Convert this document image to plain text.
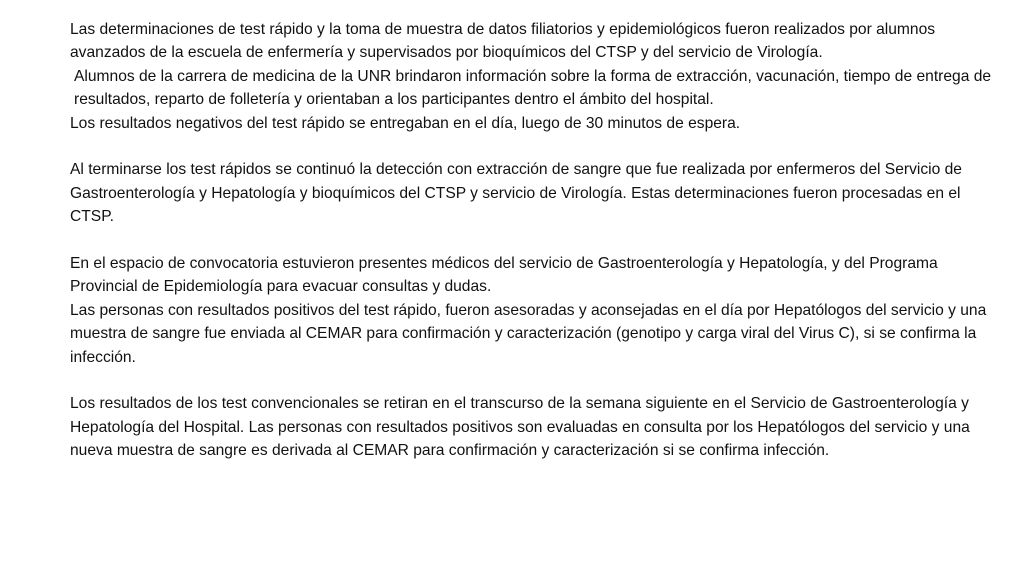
Las determinaciones de test rápido y la toma de muestra de datos filiatorios y epidemiológicos fueron realizados por alumnos avanzados de la escuela de enfermería y supervisados por bioquímicos del CTSP y del servicio de Virología.

Alumnos de la carrera de medicina de la UNR brindaron información sobre la forma de extracción, vacunación, tiempo de entrega de resultados, reparto de folletería y orientaban a los participantes dentro el ámbito del hospital.

Los resultados negativos del test rápido se entregaban en el día, luego de 30 minutos de espera.

Al terminarse los test rápidos se continuó la detección con extracción de sangre que fue realizada por enfermeros del Servicio de Gastroenterología y Hepatología y bioquímicos del CTSP y servicio de Virología. Estas determinaciones fueron procesadas en el CTSP.

En el espacio de convocatoria estuvieron presentes médicos del servicio de Gastroenterología y Hepatología, y del Programa Provincial de Epidemiología para evacuar consultas y dudas.

Las personas con resultados positivos del test rápido, fueron asesoradas y aconsejadas en el día por Hepatólogos del servicio y una muestra de sangre fue enviada al CEMAR para confirmación y caracterización (genotipo y carga viral del Virus C), si se confirma la infección.

Los resultados de los test convencionales se retiran en el transcurso de la semana siguiente en el Servicio de Gastroenterología y Hepatología del Hospital. Las personas con resultados positivos son evaluadas en consulta por los Hepatólogos del servicio y una nueva muestra de sangre es derivada al CEMAR para confirmación y caracterización si se confirma infección.
